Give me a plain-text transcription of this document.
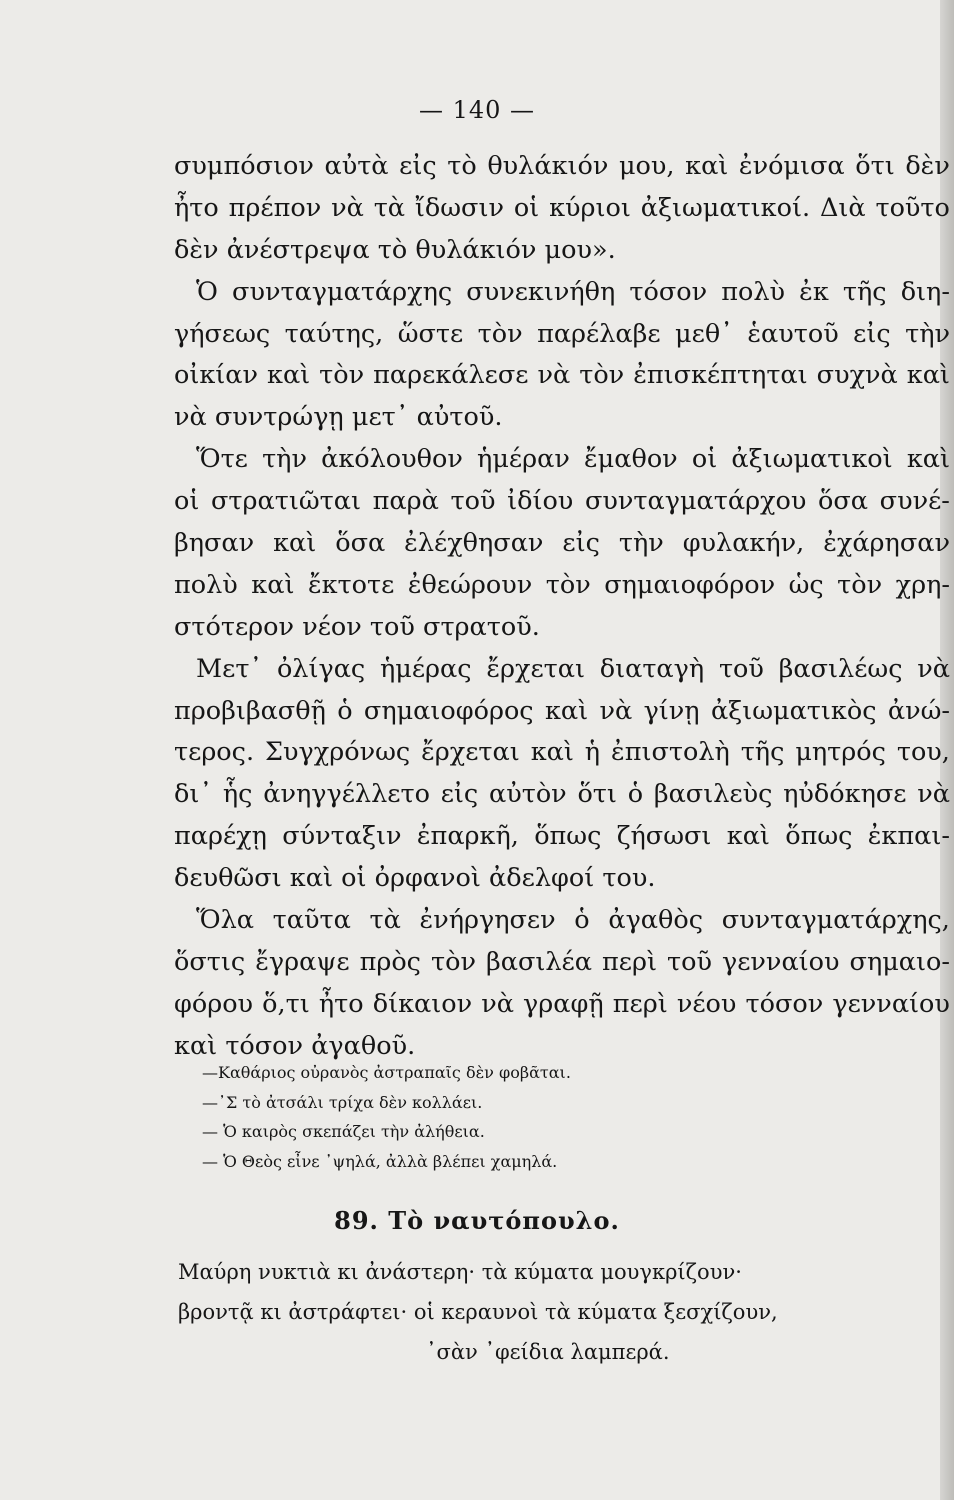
— 140 —
συμπόσιον αὐτὰ εἰς τὸ θυλάκιόν μου, καὶ ἐνόμισα ὅτι δὲν
ἦτο πρέπον νὰ τὰ ἴδωσιν οἱ κύριοι ἀξιωματικοί. Διὰ τοῦτο
δὲν ἀνέστρεψα τὸ θυλάκιόν μου».
Ὁ συνταγματάρχης συνεκινήθη τόσον πολὺ ἐκ τῆς διη-
γήσεως ταύτης, ὥστε τὸν παρέλαβε μεθ᾽ ἑαυτοῦ εἰς τὴν
οἰκίαν καὶ τὸν παρεκάλεσε νὰ τὸν ἐπισκέπτηται συχνὰ καὶ
νὰ συντρώγῃ μετ᾽ αὐτοῦ.
Ὅτε τὴν ἀκόλουθον ἡμέραν ἔμαθον οἱ ἀξιωματικοὶ καὶ
οἱ στρατιῶται παρὰ τοῦ ἰδίου συνταγματάρχου ὅσα συνέ-
βησαν καὶ ὅσα ἐλέχθησαν εἰς τὴν φυλακήν, ἐχάρησαν
πολὺ καὶ ἔκτοτε ἐθεώρουν τὸν σημαιοφόρον ὡς τὸν χρη-
στότερον νέον τοῦ στρατοῦ.
Μετ᾽ ὀλίγας ἡμέρας ἔρχεται διαταγὴ τοῦ βασιλέως νὰ
προβιβασθῇ ὁ σημαιοφόρος καὶ νὰ γίνῃ ἀξιωματικὸς ἀνώ-
τερος. Συγχρόνως ἔρχεται καὶ ἡ ἐπιστολὴ τῆς μητρός του,
δι᾽ ἧς ἀνηγγέλλετο εἰς αὐτὸν ὅτι ὁ βασιλεὺς ηὐδόκησε νὰ
παρέχῃ σύνταξιν ἐπαρκῆ, ὅπως ζήσωσι καὶ ὅπως ἐκπαι-
δευθῶσι καὶ οἱ ὀρφανοὶ ἀδελφοί του.
Ὅλα ταῦτα τὰ ἐνήργησεν ὁ ἀγαθὸς συνταγματάρχης,
ὅστις ἔγραψε πρὸς τὸν βασιλέα περὶ τοῦ γενναίου σημαιο-
φόρου ὅ,τι ἦτο δίκαιον νὰ γραφῇ περὶ νέου τόσον γενναίου
καὶ τόσον ἀγαθοῦ.
—Καθάριος οὐρανὸς ἀστραπαῖς δὲν φοβᾶται.
—᾽Σ τὸ ἀτσάλι τρίχα δὲν κολλάει.
— Ὁ καιρὸς σκεπάζει τὴν ἀλήθεια.
— Ὁ Θεὸς εἶνε ᾽ψηλά, ἀλλὰ βλέπει χαμηλά.
89. Τὸ ναυτόπουλο.
Μαύρη νυκτιὰ κι ἀνάστερη· τὰ κύματα μουγκρίζουν·
βροντᾷ κι ἀστράφτει· οἱ κεραυνοὶ τὰ κύματα ξεσχίζουν,
᾽σὰν ᾽φείδια λαμπερά.
